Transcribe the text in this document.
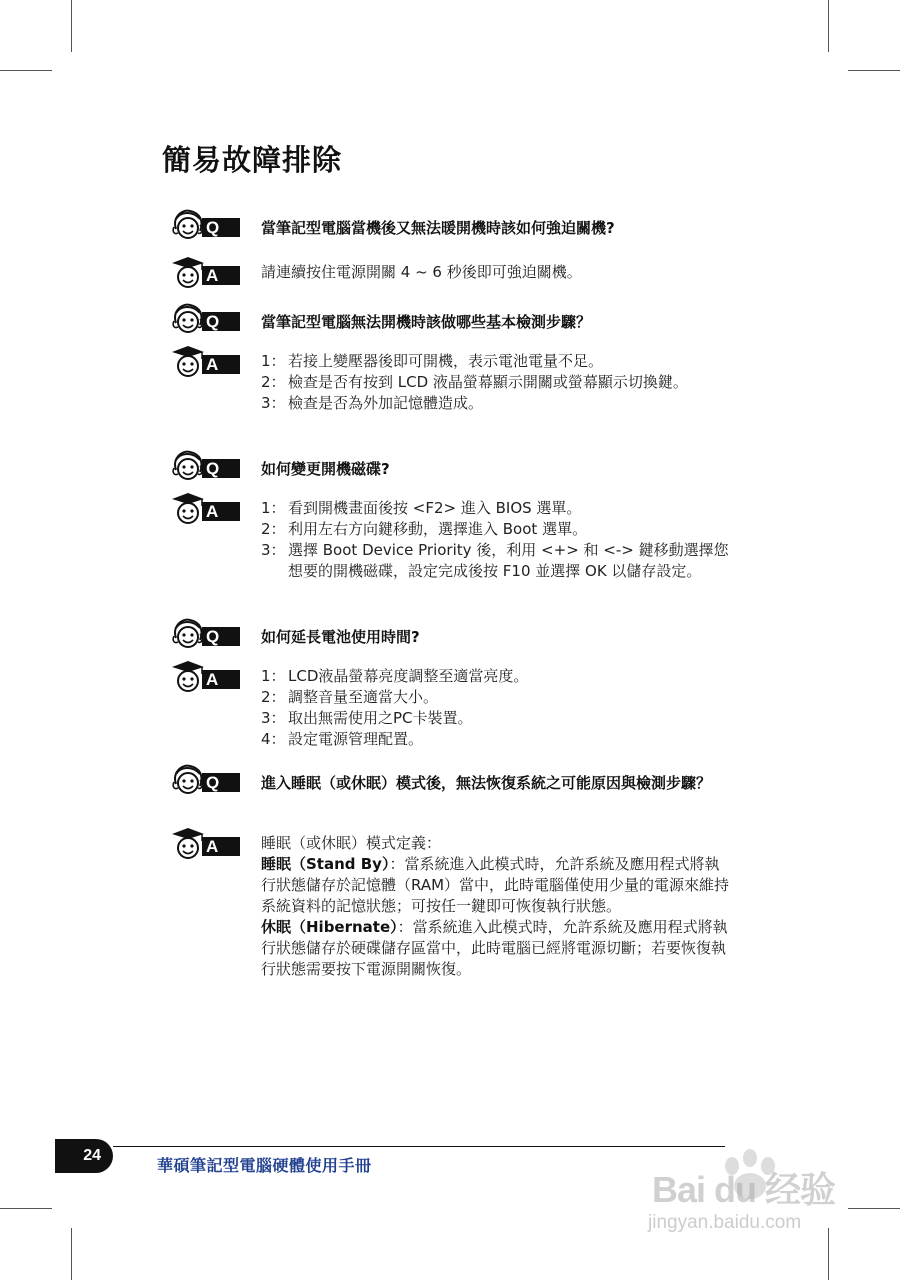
簡易故障排除
Q	當筆記型電腦當機後又無法暖開機時該如何強迫關機?
A	請連續按住電源開關 4 ~ 6 秒後即可強迫關機。

Q	當筆記型電腦無法開機時該做哪些基本檢測步驟？
A	1： 若接上變壓器後即可開機，表示電池電量不足。
2： 檢查是否有按到 LCD 液晶螢幕顯示開關或螢幕顯示切換鍵。
3： 檢查是否為外加記憶體造成。
Q	如何變更開機磁碟?
A	1： 看到開機畫面後按 <F2> 進入 BIOS 選單。
2： 利用左右方向鍵移動，選擇進入 Boot 選單。
3： 選擇 Boot Device Priority 後，利用 <+> 和 <-> 鍵移動選擇您想要的開機磁碟，設定完成後按 F10 並選擇 OK 以儲存設定。
Q	如何延長電池使用時間?
A	1： LCD液晶螢幕亮度調整至適當亮度。
2： 調整音量至適當大小。
3： 取出無需使用之PC卡裝置。
4： 設定電源管理配置。
Q	進入睡眠（或休眠）模式後，無法恢復系統之可能原因與檢測步驟？
A	睡眠（或休眠）模式定義：

睡眠（Stand By）：當系統進入此模式時，允許系統及應用程式將執行狀態儲存於記憶體（RAM）當中，此時電腦僅使用少量的電源來維持系統資料的記憶狀態；可按任一鍵即可恢復執行狀態。

休眠（Hibernate）：當系統進入此模式時，允許系統及應用程式將執行狀態儲存於硬碟儲存區當中，此時電腦已經將電源切斷；若要恢復執行狀態需要按下電源開關恢復。

24
華碩筆記型電腦硬體使用手冊
Bai du 经验
jingyan.baidu.com
